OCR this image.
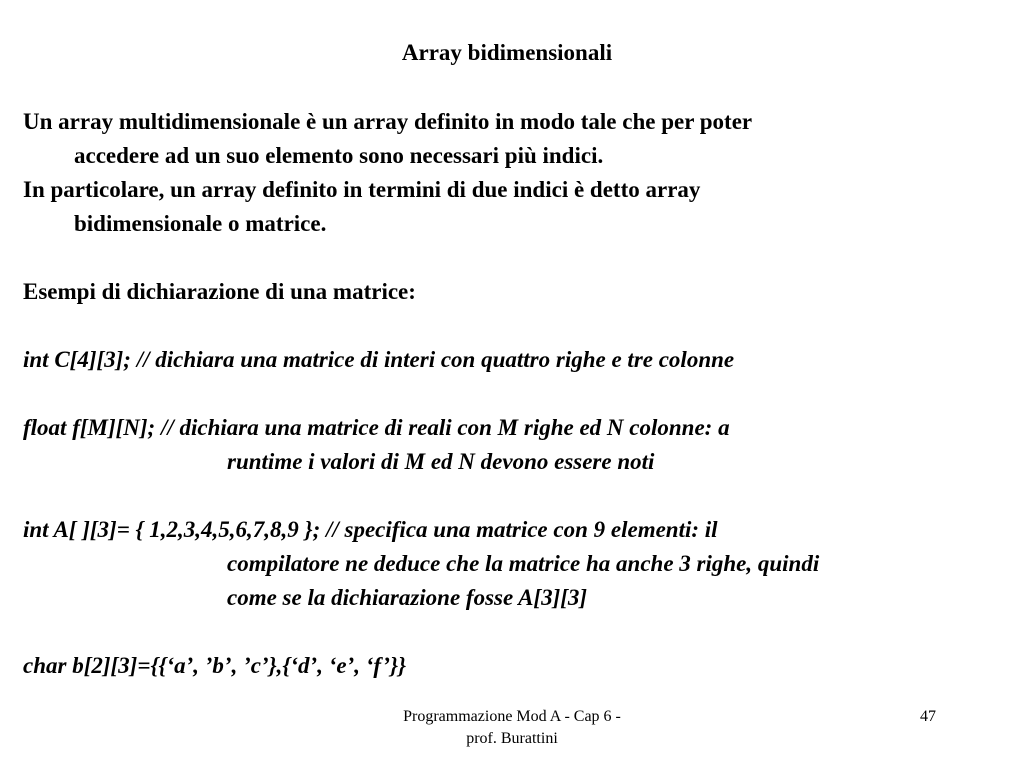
Array bidimensionali
Un array multidimensionale è un array definito in modo tale che per poter
accedere ad un suo elemento sono necessari più indici.
In particolare, un array definito in termini di due indici è detto array
bidimensionale o matrice.
Esempi di dichiarazione di una matrice:
int C[4][3]; // dichiara una matrice di interi con quattro righe e tre colonne
float f[M][N]; // dichiara una matrice di reali con M righe ed N colonne: a
runtime i valori di M ed N devono essere noti
int A[ ][3]= { 1,2,3,4,5,6,7,8,9 }; // specifica una matrice con 9 elementi: il
compilatore ne deduce che la matrice ha anche 3 righe, quindi
come se la dichiarazione fosse A[3][3]
char b[2][3]={{‘a’, ’b’, ’c’},{‘d’, ‘e’, ‘f’}}
Programmazione Mod A - Cap 6 -
prof. Burattini
47
